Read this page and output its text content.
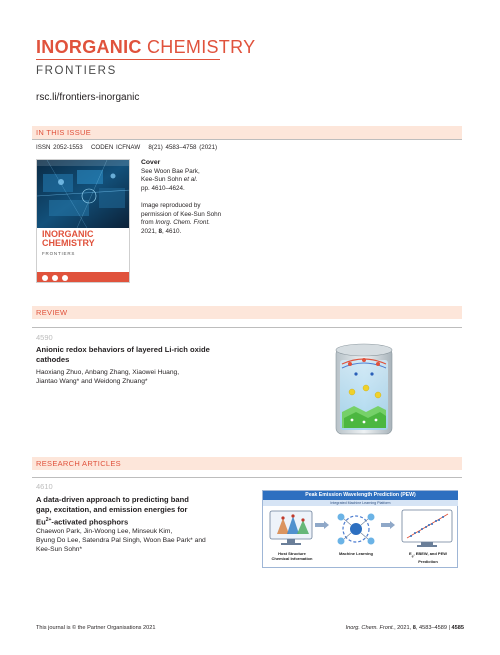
INORGANIC CHEMISTRY
FRONTIERS
rsc.li/frontiers-inorganic
IN THIS ISSUE
ISSN 2052-1553 CODEN ICFNAW 8(21) 4583–4758 (2021)
INORGANIC
CHEMISTRY
FRONTIERS

Cover

See Woon Bae Park,

Kee-Sun Sohn et al.

pp. 4610–4624.

Image reproduced by

permission of Kee-Sun Sohn

from Inorg. Chem. Front.

2021, 8, 4610.

REVIEW
4590
Anionic redox behaviors of layered Li-rich oxide
cathodes
Haoxiang Zhuo, Anbang Zhang, Xiaowei Huang,
Jiantao Wang* and Weidong Zhuang*
RESEARCH ARTICLES
4610
A data-driven approach to predicting band
gap, excitation, and emission energies for
$Eu^{2+}$-activated phosphors
Chaewon Park, Jin-Woong Lee, Minseuk Kim,
Byung Do Lee, Satendra Pal Singh, Woon Bae Park* and
Kee-Sun Sohn*
Peak Emission Wavelength Prediction (PEW)
Integrated Machine Learning Platform
Host Structure
Chemical Information
Machine Learning	$E_g$, EBEW, and PEW
Prediction
This journal is © the Partner Organisations 2021	Inorg. Chem. Front., 2021, 8, 4583–4589 | 4585
